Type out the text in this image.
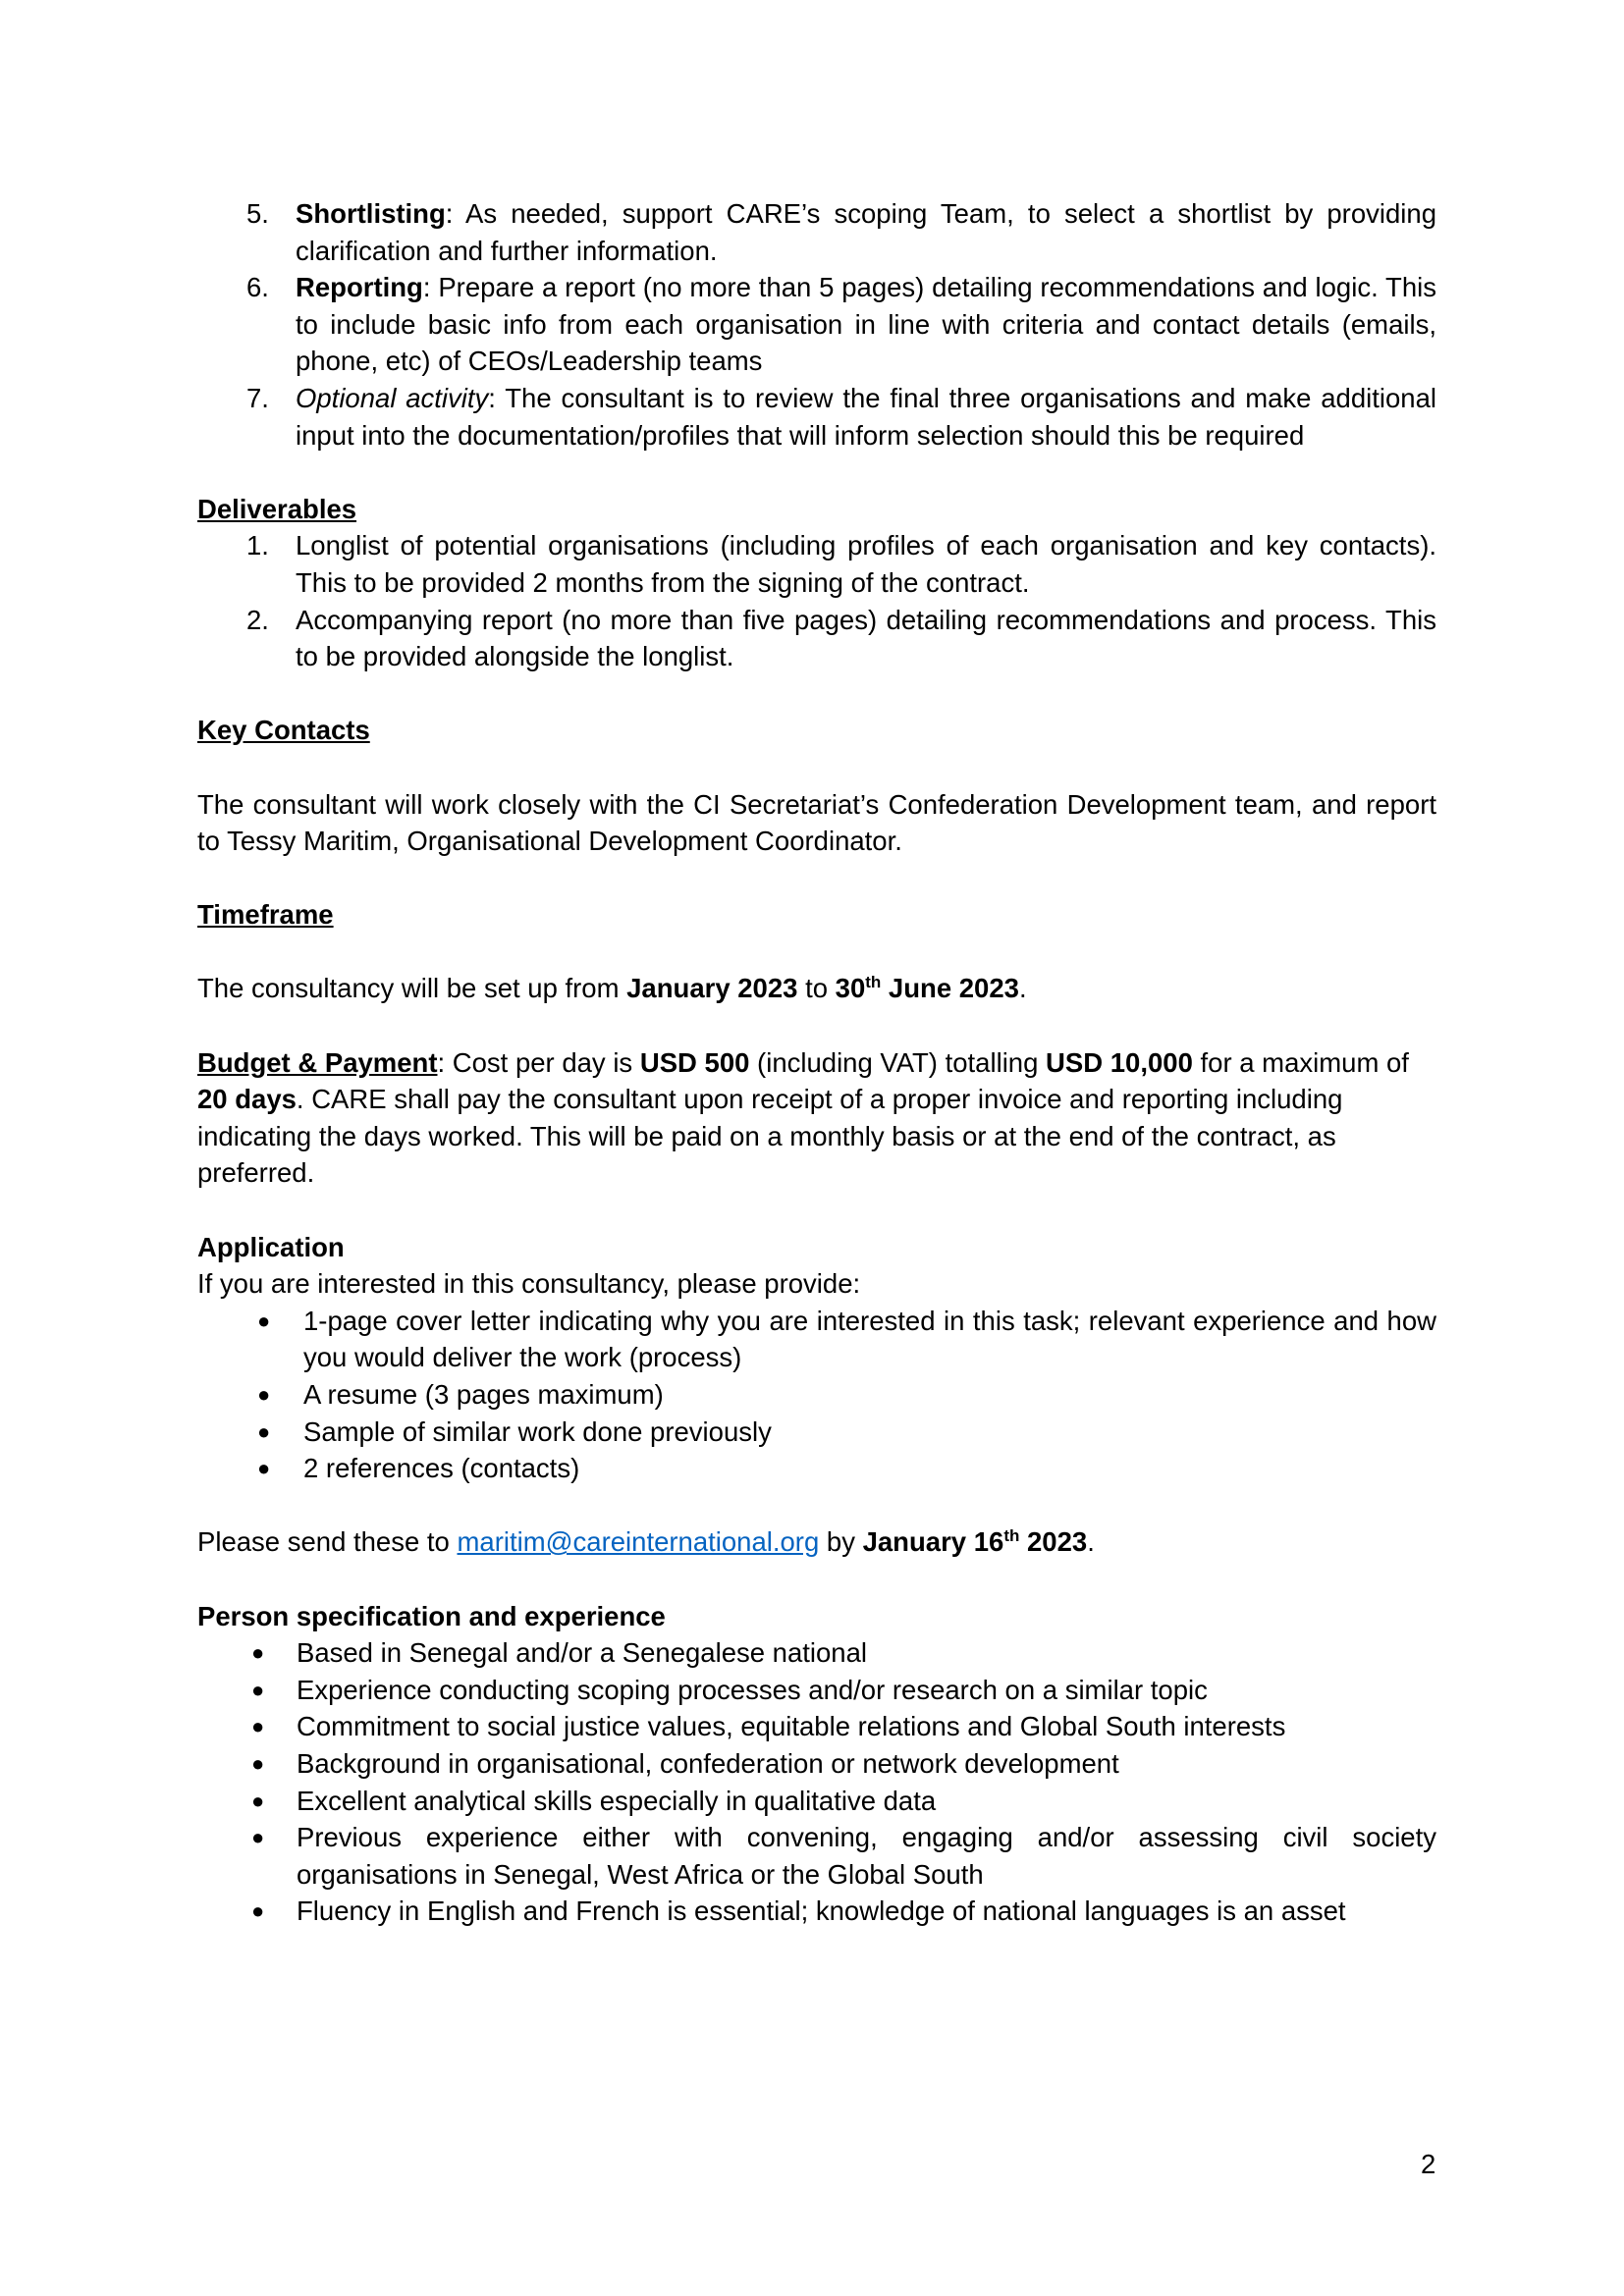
5. Shortlisting: As needed, support CARE’s scoping Team, to select a shortlist by providing clarification and further information.
6. Reporting: Prepare a report (no more than 5 pages) detailing recommendations and logic. This to include basic info from each organisation in line with criteria and contact details (emails, phone, etc) of CEOs/Leadership teams
7. Optional activity: The consultant is to review the final three organisations and make additional input into the documentation/profiles that will inform selection should this be required

Deliverables

1. Longlist of potential organisations (including profiles of each organisation and key contacts). This to be provided 2 months from the signing of the contract.
2. Accompanying report (no more than five pages) detailing recommendations and process. This to be provided alongside the longlist.

Key Contacts

The consultant will work closely with the CI Secretariat’s Confederation Development team, and report to Tessy Maritim, Organisational Development Coordinator.

Timeframe

The consultancy will be set up from January 2023 to 30th June 2023.

Budget & Payment: Cost per day is USD 500 (including VAT) totalling USD 10,000 for a maximum of 20 days. CARE shall pay the consultant upon receipt of a proper invoice and reporting including indicating the days worked. This will be paid on a monthly basis or at the end of the contract, as preferred.

Application

If you are interested in this consultancy, please provide:

● 1-page cover letter indicating why you are interested in this task; relevant experience and how you would deliver the work (process)
● A resume (3 pages maximum)
● Sample of similar work done previously
● 2 references (contacts)

Please send these to maritim@careinternational.org by January 16th 2023.

Person specification and experience

● Based in Senegal and/or a Senegalese national
● Experience conducting scoping processes and/or research on a similar topic
● Commitment to social justice values, equitable relations and Global South interests
● Background in organisational, confederation or network development
● Excellent analytical skills especially in qualitative data
● Previous experience either with convening, engaging and/or assessing civil society organisations in Senegal, West Africa or the Global South
● Fluency in English and French is essential; knowledge of national languages is an asset
2
